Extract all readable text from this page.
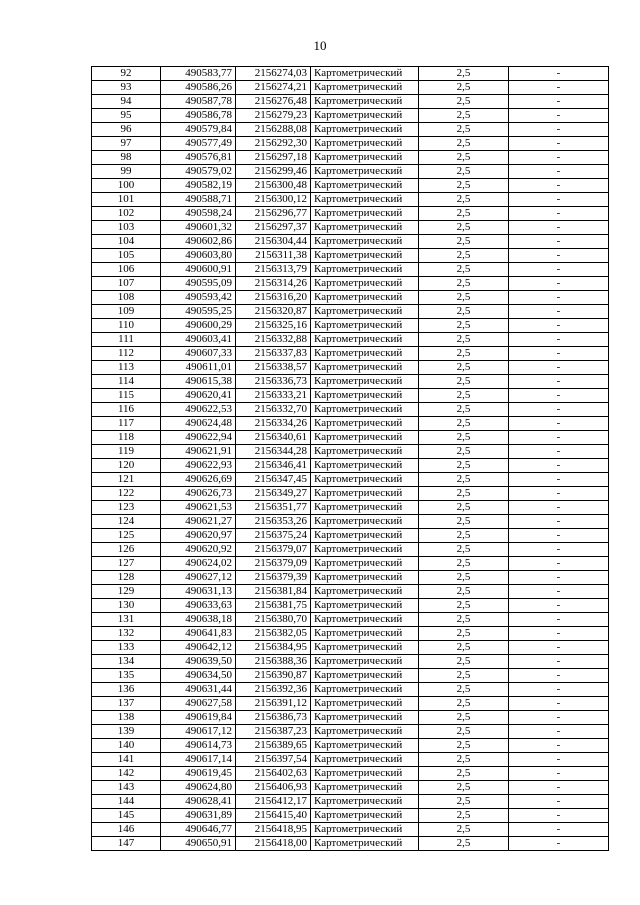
10
92	490583,77	2156274,03	Картометрический	2,5	-
93	490586,26	2156274,21	Картометрический	2,5	-
94	490587,78	2156276,48	Картометрический	2,5	-
95	490586,78	2156279,23	Картометрический	2,5	-
96	490579,84	2156288,08	Картометрический	2,5	-
97	490577,49	2156292,30	Картометрический	2,5	-
98	490576,81	2156297,18	Картометрический	2,5	-
99	490579,02	2156299,46	Картометрический	2,5	-
100	490582,19	2156300,48	Картометрический	2,5	-
101	490588,71	2156300,12	Картометрический	2,5	-
102	490598,24	2156296,77	Картометрический	2,5	-
103	490601,32	2156297,37	Картометрический	2,5	-
104	490602,86	2156304,44	Картометрический	2,5	-
105	490603,80	2156311,38	Картометрический	2,5	-
106	490600,91	2156313,79	Картометрический	2,5	-
107	490595,09	2156314,26	Картометрический	2,5	-
108	490593,42	2156316,20	Картометрический	2,5	-
109	490595,25	2156320,87	Картометрический	2,5	-
110	490600,29	2156325,16	Картометрический	2,5	-
111	490603,41	2156332,88	Картометрический	2,5	-
112	490607,33	2156337,83	Картометрический	2,5	-
113	490611,01	2156338,57	Картометрический	2,5	-
114	490615,38	2156336,73	Картометрический	2,5	-
115	490620,41	2156333,21	Картометрический	2,5	-
116	490622,53	2156332,70	Картометрический	2,5	-
117	490624,48	2156334,26	Картометрический	2,5	-
118	490622,94	2156340,61	Картометрический	2,5	-
119	490621,91	2156344,28	Картометрический	2,5	-
120	490622,93	2156346,41	Картометрический	2,5	-
121	490626,69	2156347,45	Картометрический	2,5	-
122	490626,73	2156349,27	Картометрический	2,5	-
123	490621,53	2156351,77	Картометрический	2,5	-
124	490621,27	2156353,26	Картометрический	2,5	-
125	490620,97	2156375,24	Картометрический	2,5	-
126	490620,92	2156379,07	Картометрический	2,5	-
127	490624,02	2156379,09	Картометрический	2,5	-
128	490627,12	2156379,39	Картометрический	2,5	-
129	490631,13	2156381,84	Картометрический	2,5	-
130	490633,63	2156381,75	Картометрический	2,5	-
131	490638,18	2156380,70	Картометрический	2,5	-
132	490641,83	2156382,05	Картометрический	2,5	-
133	490642,12	2156384,95	Картометрический	2,5	-
134	490639,50	2156388,36	Картометрический	2,5	-
135	490634,50	2156390,87	Картометрический	2,5	-
136	490631,44	2156392,36	Картометрический	2,5	-
137	490627,58	2156391,12	Картометрический	2,5	-
138	490619,84	2156386,73	Картометрический	2,5	-
139	490617,12	2156387,23	Картометрический	2,5	-
140	490614,73	2156389,65	Картометрический	2,5	-
141	490617,14	2156397,54	Картометрический	2,5	-
142	490619,45	2156402,63	Картометрический	2,5	-
143	490624,80	2156406,93	Картометрический	2,5	-
144	490628,41	2156412,17	Картометрический	2,5	-
145	490631,89	2156415,40	Картометрический	2,5	-
146	490646,77	2156418,95	Картометрический	2,5	-
147	490650,91	2156418,00	Картометрический	2,5	-
